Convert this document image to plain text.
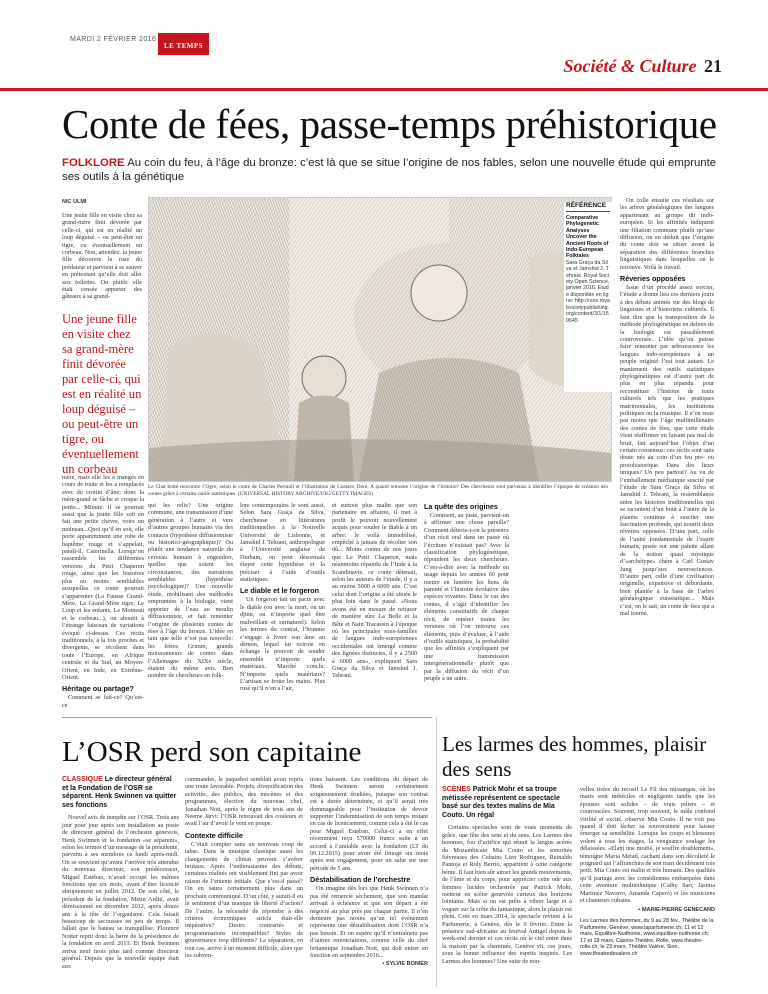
MARDI 2 FÉVRIER 2016
LE TEMPS
Société & Culture 21
Conte de fées, passe-temps préhistorique
FOLKLORE Au coin du feu, à l’âge du bronze: c’est là que se situe l’origine de nos fables, selon une nouvelle étude qui emprunte ses outils à la génétique
NIC ULMI

Une jeune fille en visite chez sa grand-mère finit dévorée par celle-ci, qui est en réalité un loup déguisé – ou peut-être un tigre, ou éventuellement un corbeau. Non, attendez: la jeune fille découvre la ruse du prédateur et parvient à se sauver en prétextant qu’elle doit aller aux toilettes. Ou plutôt: elle était censée apporter des gâteaux à sa grand-

Une jeune fille en visite chez sa grand-mère finit dévorée par celle-ci, qui est en réalité un loup déguisé – ou peut-être un tigre, ou éventuellement un corbeau

Le Chat botté rencontre l’Ogre, selon le conte de Charles Perrault et l’illustration de Gustave Doré. A quand remonte l’origine de l’histoire? Des chercheurs sont parvenus à identifier l’époque de création des contes grâce à certains outils statistiques. (UNIVERSAL HISTORY ARCHIVE/UIG/GETTY IMAGES)

RÉFÉRENCE
Comparative Phylogenetic Analyses Uncover the Ancient Roots of Indo-European Folktales
Sara Graça da Silva et Jamshid J. Tehrani. Royal Society Open Science, janvier 2016. Etude disponible en ligne: http://rsos.royalsocietypublishing.org/content/3/1/150645

mère, mais elle les a mangés en cours de route et les a remplacés avec du crottin d’âne; donc la mère-grand se fâche et croque la petite... Minute: il se pourrait aussi que la jeune fille soit en fait une petite chèvre, voire un moineau...Quoi qu’il en soit, elle porte apparemment une robe de baptême rouge et s’appelait, paraît-il, Caterinella. Lorsqu’on rassemble les différentes versions du Petit Chaperon rouge, ainsi que les histoires plus ou moins semblables auxquelles ce conte pourrait s’apparenter (La Fausse Grand-Mère, La Grand-Mère tigre, Le Loup et les enfants, Le Moineau et le corbeau...), on aboutit à l’étrange faisceau de variations évoqué ci-dessus. Ces récits traditionnels, à la fois proches et divergents, se récoltent dans toute l’Europe, en Afrique centrale et du Sud, au Moyen-Orient, en Inde, en Extrême-Orient.

Héritage ou partage?

Comment se fait-ce? Qu’est-ce

qui les relie? Une origine commune, une transmission d’une génération à l’autre et vers d’autres groupes humains via des contacts (hypothèse diffusionniste ou historico-géographique)? Ou plutôt une tendance naturelle du cerveau humain à engendrer, quelles que soient les circonstances, des narrations semblables (hypothèse psychologique)? Une nouvelle étude, mobilisant des méthodes empruntées à la biologie, vient apporter de l’eau au moulin diffusionniste, et fait remonter l’origine de plusieurs contes de fées à l’âge du bronze. L’idée en tant que telle n’est pas nouvelle: les frères Grimm, grands moissonneurs de contes dans l’Allemagne du XIXe siècle, étaient du même avis. Bon nombre de chercheurs en folk-

lore contemporains le sont aussi. Selon Sara Graça da Silva, chercheuse en littératures traditionnelles à la Nouvelle Université de Lisbonne, et Jamshid J. Tehrani, anthropologue à l’Université anglaise de Durham, on peut désormais étayer cette hypothèse et la préciser à l’aide d’outils statistiques.

Le diable et le forgeron

Un forgeron fait un pacte avec le diable (ou avec la mort, ou un djinn, ou n’importe quel être malveillant et surnaturel). Selon les termes du contrat, l’homme s’engage à livrer son âme au démon, lequel lui octroie en échange le pouvoir de souder ensemble n’importe quels matériaux. Marché conclu. N’importe quels matériaux? L’artisan se frotte les mains. Plus rusé qu’il n’en a l’air,

et surtout plus malin que son partenaire en affaires, il met à profit le pouvoir nouvellement acquis pour souder le diable à un arbre: le voilà immobilisé, empêché à jamais de récolter son dû... Moins connu de nos jours que Le Petit Chaperon, mais néanmoins répandu de l’Inde à la Scandinavie, ce conte détenait, selon les auteurs de l’étude, il y a au moins 5000 à 6000 ans. C’est celui dont l’origine a été située le plus loin dans le passé. «Nous avons été en mesure de retracer de manière sûre La Belle et la Bête et Nain Tracassin à l’époque où les principales sous-familles de langues indo-européennes occidentales ont émergé comme des lignées distinctes, il y a 2500 à 6000 ans», expliquent Sara Graça da Silva et Jamshid J. Tehrani.

La quête des origines

Comment, au juste, parvient-on à affirmer une chose pareille? Comment détecte-t-on la présence d’un récit oral dans un passé où l’écriture n’existait pas? Avec la classification phylogénétique, répondent les deux chercheurs. C’est-à-dire avec la méthode en usage depuis les années 60 pour mettre en lumière les liens de parenté et l’histoire évolutive des espèces vivantes. Dans le cas des contes, il s’agit d’identifier les éléments constitutifs de chaque récit, de repérer toutes les versions où l’on retrouve ces éléments, puis d’évaluer, à l’aide d’outils statistiques, la probabilité que les affinités s’expliquent par une transmission intergénérationnelle plutôt que par la diffusion du récit d’un peuple à un autre.

On colle ensuite ces résultats sur les arbres généalogiques des langues appartenant au groupe dit indo-européen. Si les affinités indiquent une filiation commune plutôt qu’une diffusion, on en déduit que l’origine du conte doit se situer avant la séparation des différentes branches linguistiques dans lesquelles on le retrouve. Voilà le travail.

Réveries opposées

Issue d’un procédé assez sorcier, l’étude a donné lieu ces derniers jours à des débats animés sur des blogs de linguistes et d’historiens culturels. Il faut dire que la transposition de la méthode phylogénétique en dehors de la biologie est passablement controversée. L’idée qu’on puisse faire remonter par arborescence les langues indo-européennes à un peuple originel l’est tout autant. Le maniement des outils statistiques phylogénétiques est d’autre part de plus en plus répandu pour reconstituer l’histoire de traits culturels tels que les pratiques matrimoniales, les institutions politiques ou la musique. Il n’en reste pas moins que l’âge multimillénaire des contes de fées, que cette étude vient réaffirmer en faisant pas mal de bruit, fait aujourd’hui l’objet d’un certain consensus: ces récits sont sans doute nés au coin d’un feu pré- ou protohistorique. Dans des lieux uniques? Un peu partout? Au vu de l’emballement médiatique suscité par l’étude de Sara Graça da Silva et Jamshid J. Tehrani, la ressemblance entre les histoires traditionnelles qui se racontent d’un bout à l’autre de la planète continue à susciter une fascination profonde, qui nourrit deux réveries opposées. D’une part, celle de l’unité fondamentale de l’esprit humain, posée sur une palette allant de la notion quasi mystique d’«archétype» chère à Carl Gustav Jung jusqu’aux neurosciences. D’autre part, celle d’une civilisation originelle, expansive et débordante, bien plantée à la base de l’arbre généalogique eurasiatique... Mais c’est, on le sait, un conte de fées qui a mal tourné.

L’OSR perd son capitaine
CLASSIQUE Le directeur général et la Fondation de l’OSR se séparent. Henk Swinnen va quitter ses fonctions

Nouvel avis de tempête sur l’OSR. Trois ans jour pour jour après son installation au poste de directeur général de l’orchestre genevois, Henk Swinnen et la fondation «se séparent», selon les termes d’un message de la présidente, parvenu à ses membres ce lundi après-midi. On se souvient qu’avant l’arrivée très attendue du nouveau directeur, son prédécesseur, Miguel Esteban, n’avait occupé les mêmes fonctions que six mois, avant d’être licencié abruptement en juillet 2012. De son côté, le président de la fondation, Metin Arditi, avait démissionné en décembre 2012, après douze ans à la tête de l’organisme. Cela faisait beaucoup de secousses en peu de temps. Il fallait que le bateau se tranquillise. Florence Notter reprit donc la barre de la présidence de la fondation en avril 2013. Et Henk Swinnen arriva neuf mois plus tard comme directeur général. Depuis que la nouvelle équipe était aux

commandes, le paquebot semblait avoir repris une route favorable. Projets, diversification des activités, des publics, des mécènes et des programmes, élection du nouveau chef, Jonathan Nott, après le règne de trois ans de Neeme Järvi: l’OSR retrouvait des couleurs et avait l’air d’avoir le vent en poupe.

Contexte difficile

C’était compter sans un nouveau coup de tabac. Dans la musique classique aussi les changements de climat peuvent s’avérer brutaux. Après l’enthousiasme des débuts, certaines réalités ont visiblement fini par avoir raison de l’entente initiale. Que s’est-il passé? On en saura certainement plus dans un prochain communiqué. D’un côté, y aurait-il eu le sentiment d’un manque de liberté d’action? De l’autre, la nécessité de répondre à des critères économiques stricts était-elle impérative? Désirs contrariés et programmations incompatibles? Styles de gouvernance trop différents? La séparation, en tout cas, arrive à un moment difficile, alors que les subven-

tions baissent. Les conditions du départ de Henk Swinnen seront certainement soigneusement étudiées, puisque son contrat est à durée déterminée, et qu’il serait très dommageable pour l’institution de devoir supporter l’indemnisation de son temps restant en cas de licenciement, comme cela a été le cas pour Miguel Esteban. Celui-ci a en effet récemment reçu 570000 francs suite à un accord à l’amiable avec la fondation (LT du 09.12.2015) pour avoir été limogé six mois après son engagement, pour un salut sur une période de 5 ans.

Déstabilisation de l’orchestre

On imagine dès lors que Henk Swinnen n’a pas été remercié sèchement, que son mandat arrivait à échéance et que son départ a été négocié au plus près par chaque partie. Il n’en demeure pas moins qu’un tel événement représente une déstabilisation dont l’OSR n’a pas besoin. Et on espère qu’il n’entraînera pas d’autres renonciations, comme celle du chef britannique Jonathan Nott, qui doit entrer en fonction en septembre 2016...

▪ SYLVIE BONIER
Les larmes des hommes, plaisir des sens
SCÈNES Patrick Mohr et sa troupe métissée représentent ce spectacle basé sur des textes malins de Mia Couto. Un régal

Certains spectacles sont de vrais moments de grâce, une fête des sens et du sens. Les Larmes des hommes, fou d’artifice qui réunit la langue acérée du Mozambicain Mia Couto et les sonorités fiévreuses des Cubains Lien Rodriguez, Reinaldo Pantoja et Roly Berrio, appartient à cette catégorie bénie. Il faut bien sûr aimer les grands mouvements, de l’âme et du corps, pour apprécier cette ode aux femmes lucides orchestrée par Patrick Mohr, metteur en scène genevois curieux des horizons lointains. Mais si on est prêts à vibrer large et à voguer sur la crête du fantastique, alors le plaisir est plein. Créé en mars 2014, le spectacle revient à la Parfumerie, à Genève, dès le 9 février. Entre la présence sud-africaine au festival Antigel depuis le week-end dernier et ces récits où le ciel entre dans la maison par la cheminée, Genève vit, ces jours, sous la bonne influence des esprits inspirés. Les Larmes des hommes? Une suite de nou-

velles tirées du recueil Le Fil des missangas, où les maris sont imbéciles et négligents tandis que les épouses sont solides – de vrais piliers – et courroucées. Souvent, trop souvent, le mâle confond virilité et excité, observe Mia Couto. Il ne voit pas quand il doit lâcher sa souveraineté pour laisser émerger sa sensibilité. Lorsque les coups et blessures volent à tous les étages, la vengeance soulage les délaissées. «Elant une moitié, je souffre doublement», témoigne Maria Metad, cachant dans son décolleté le poignard qui l’affranchira de son mari décidément très petit. Mia Couto est malin et très humain. Des qualités qu’il partage avec les comédiennes embarquées dans cette aventure multiethnique (Cathy Sarr, Jasima Martinez Navarro, Amanda Caperó) et les musiciens et chanteurs cubains.

▪ MARIE-PIERRE GENECAND
Les Larmes des hommes, du 9 au 28 fév., Théâtre de la Parfumerie, Genève, www.laparfumerie.ch; 11 et 12 mars, Equilibre-Nuithonie, www.equilibre-nuithonie.ch; 17 et 18 mars, Casino-Théâtre, Rolle, www.theatre-rolle.ch; le 23 mars, Théâtre Valère, Sion, www.theatredevalere.ch
